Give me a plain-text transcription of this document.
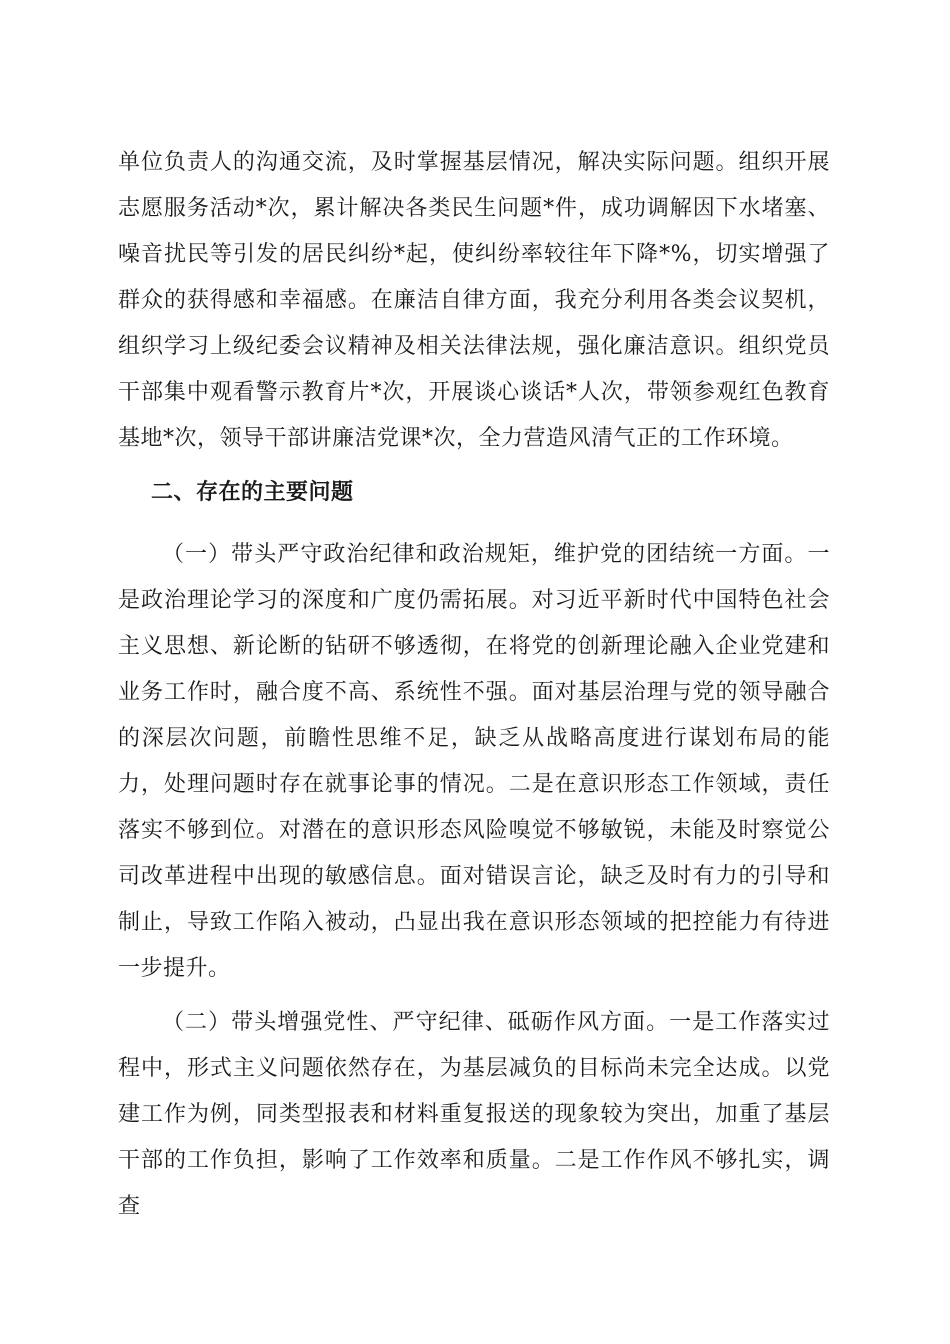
单位负责人的沟通交流，及时掌握基层情况，解决实际问题。组织开展志愿服务活动*次，累计解决各类民生问题*件，成功调解因下水堵塞、噪音扰民等引发的居民纠纷*起，使纠纷率较往年下降*%，切实增强了群众的获得感和幸福感。在廉洁自律方面，我充分利用各类会议契机，组织学习上级纪委会议精神及相关法律法规，强化廉洁意识。组织党员干部集中观看警示教育片*次，开展谈心谈话*人次，带领参观红色教育基地*次，领导干部讲廉洁党课*次，全力营造风清气正的工作环境。

二、存在的主要问题

（一）带头严守政治纪律和政治规矩，维护党的团结统一方面。一是政治理论学习的深度和广度仍需拓展。对习近平新时代中国特色社会主义思想、新论断的钻研不够透彻，在将党的创新理论融入企业党建和业务工作时，融合度不高、系统性不强。面对基层治理与党的领导融合的深层次问题，前瞻性思维不足，缺乏从战略高度进行谋划布局的能力，处理问题时存在就事论事的情况。二是在意识形态工作领域，责任落实不够到位。对潜在的意识形态风险嗅觉不够敏锐，未能及时察觉公司改革进程中出现的敏感信息。面对错误言论，缺乏及时有力的引导和制止，导致工作陷入被动，凸显出我在意识形态领域的把控能力有待进一步提升。

（二）带头增强党性、严守纪律、砥砺作风方面。一是工作落实过程中，形式主义问题依然存在，为基层减负的目标尚未完全达成。以党建工作为例，同类型报表和材料重复报送的现象较为突出，加重了基层干部的工作负担，影响了工作效率和质量。二是工作作风不够扎实，调查
